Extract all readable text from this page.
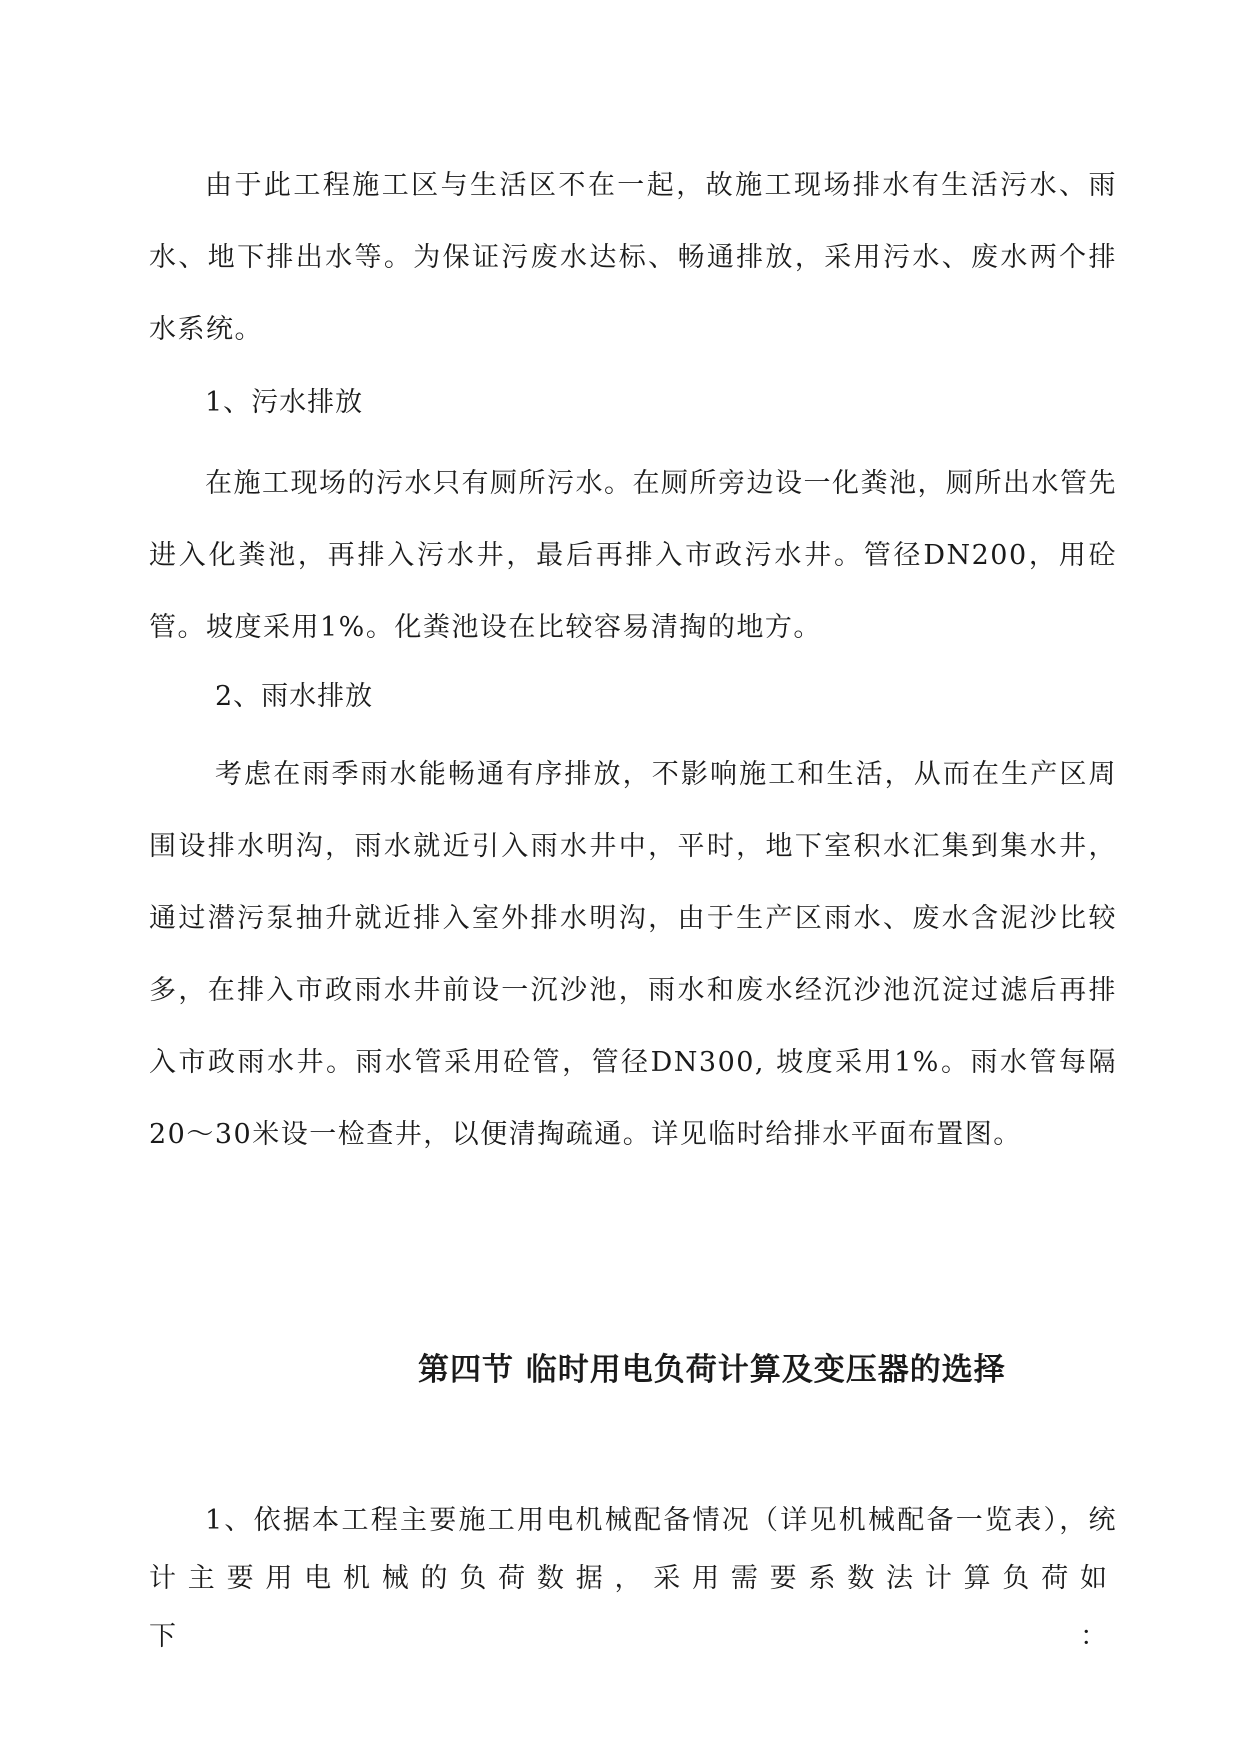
由于此工程施工区与生活区不在一起，故施工现场排水有生活污水、雨水、地下排出水等。为保证污废水达标、畅通排放，采用污水、废水两个排水系统。

1、污水排放

在施工现场的污水只有厕所污水。在厕所旁边设一化粪池，厕所出水管先进入化粪池，再排入污水井，最后再排入市政污水井。管径DN200，用砼管。坡度采用1%。化粪池设在比较容易清掏的地方。

2、雨水排放

考虑在雨季雨水能畅通有序排放，不影响施工和生活，从而在生产区周围设排水明沟，雨水就近引入雨水井中，平时，地下室积水汇集到集水井，通过潜污泵抽升就近排入室外排水明沟，由于生产区雨水、废水含泥沙比较多，在排入市政雨水井前设一沉沙池，雨水和废水经沉沙池沉淀过滤后再排入市政雨水井。雨水管采用砼管，管径DN300, 坡度采用1%。雨水管每隔20～30米设一检查井，以便清掏疏通。详见临时给排水平面布置图。

第四节 临时用电负荷计算及变压器的选择

1、依据本工程主要施工用电机械配备情况（详见机械配备一览表），统

计主要用电机械的负荷数据，采用需要系数法计算负荷如下：
